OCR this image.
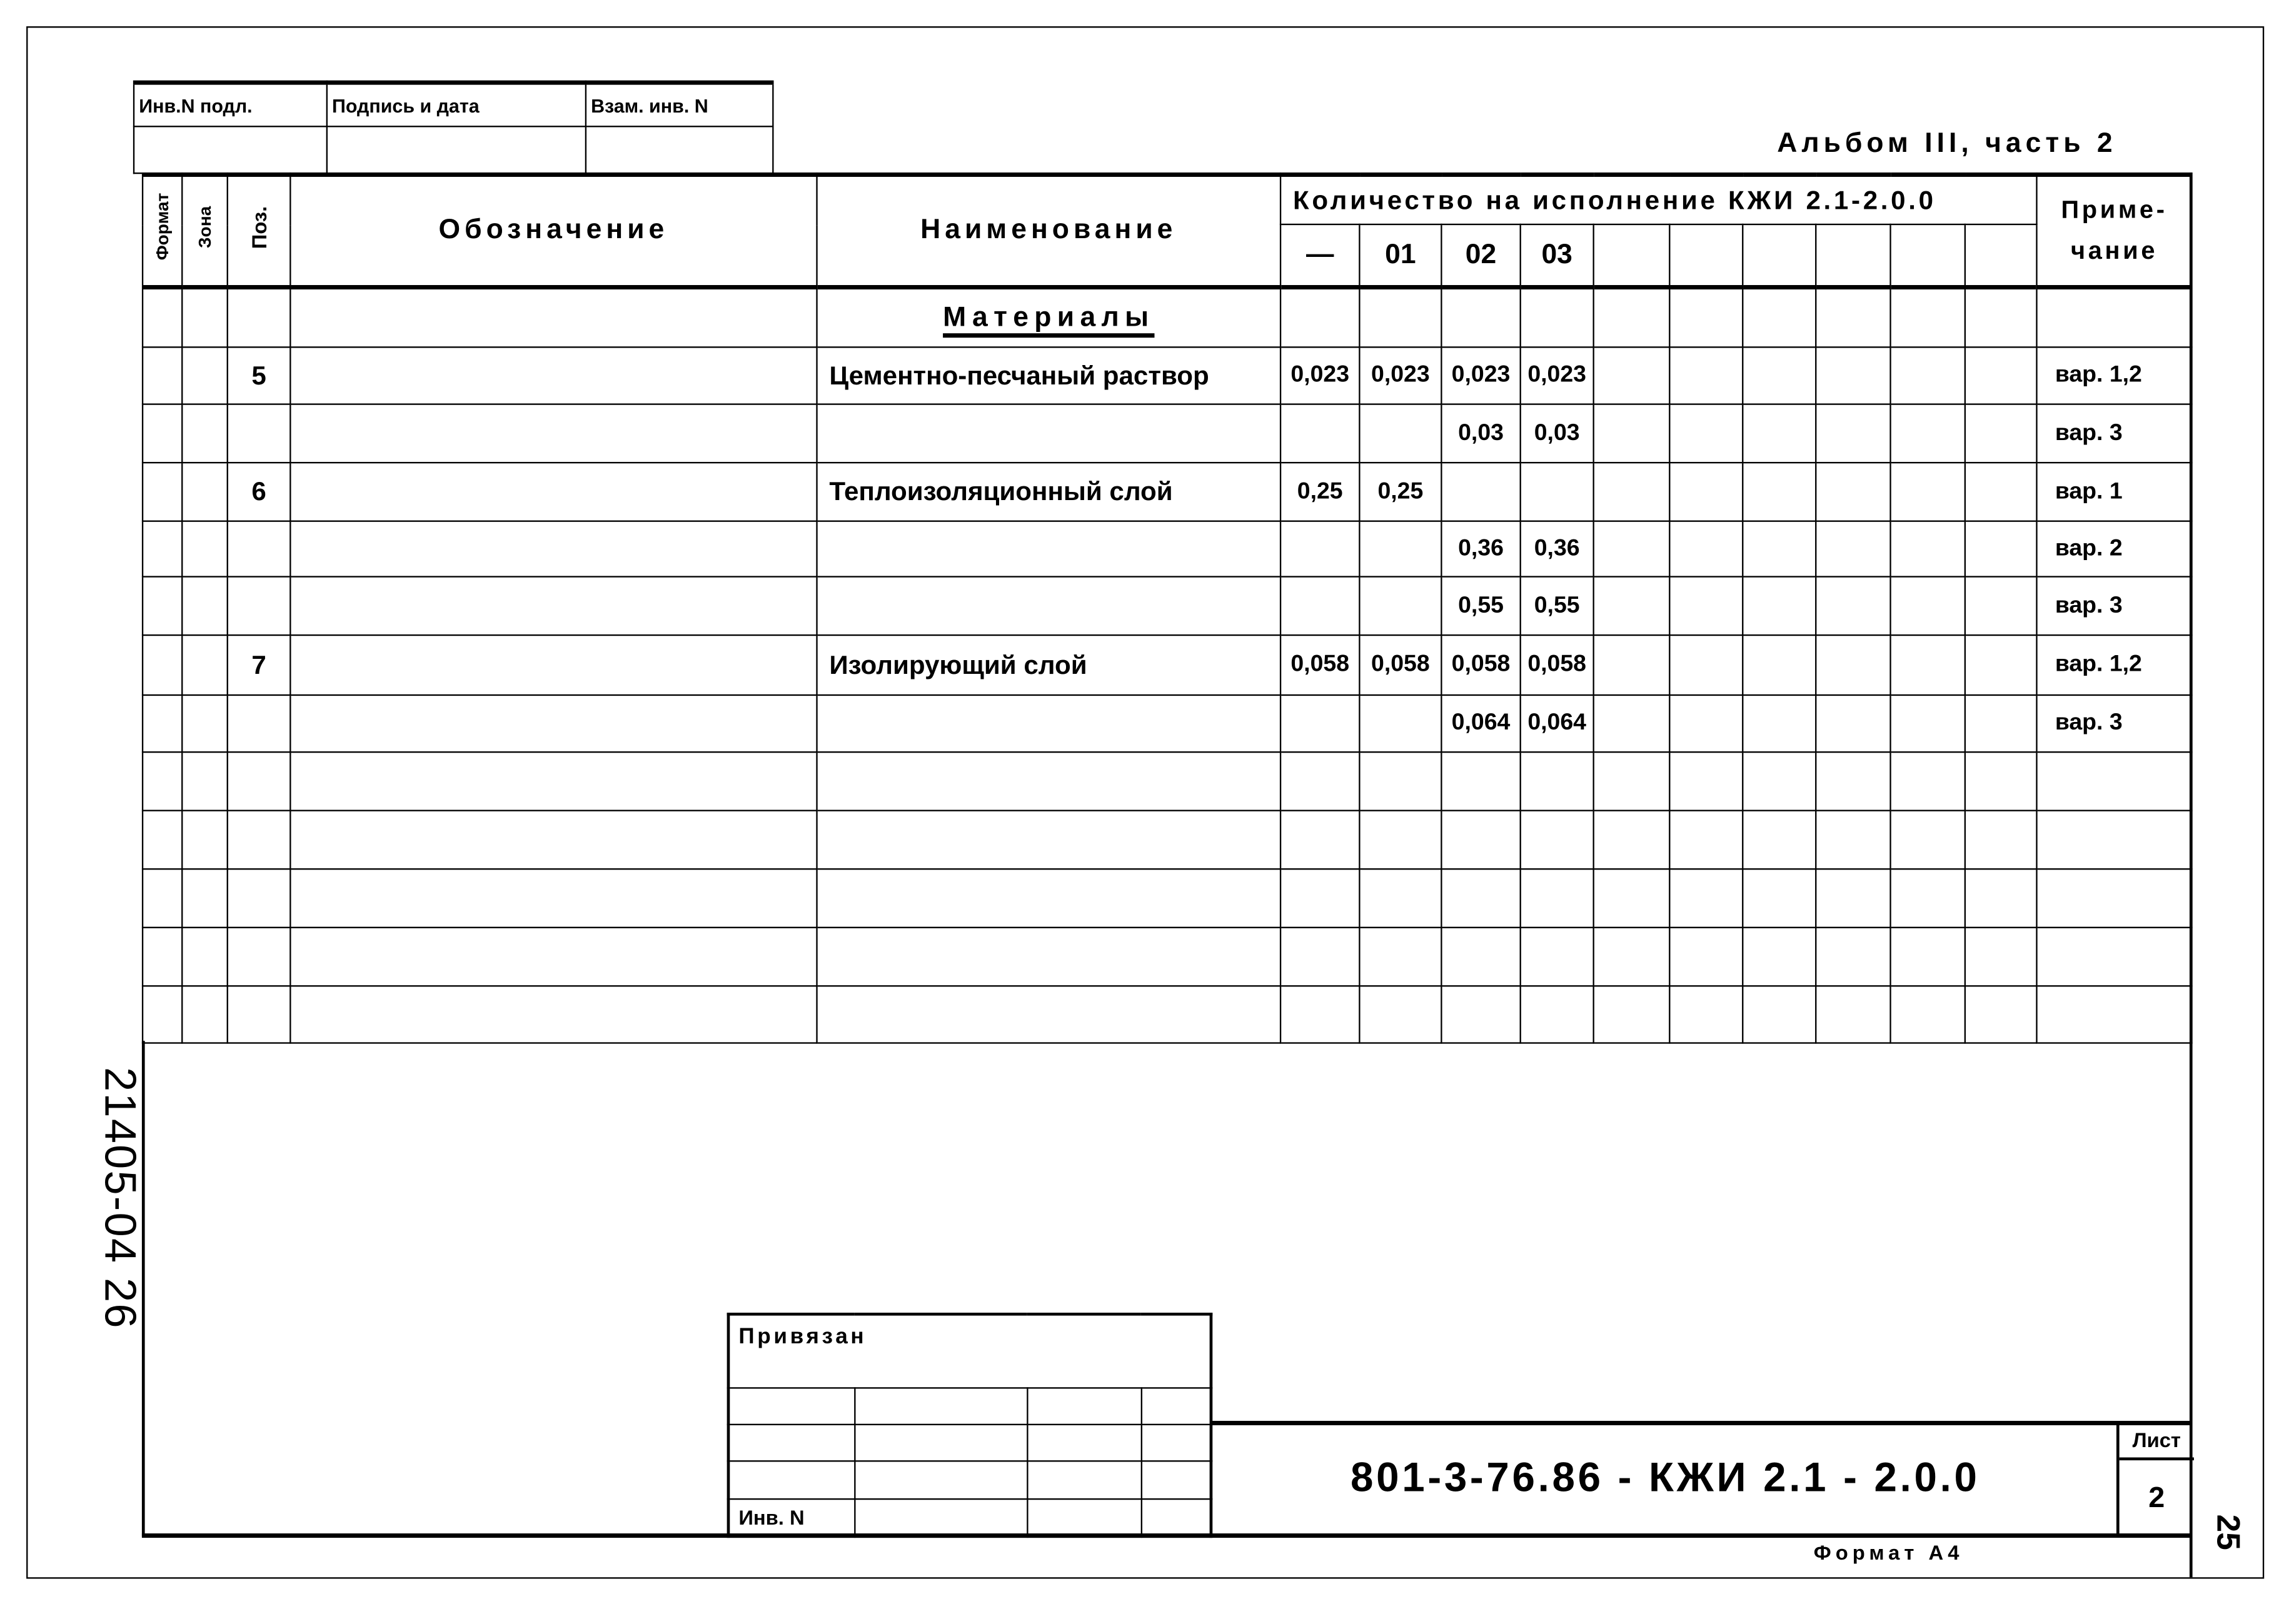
Инв.N подл.	Подпись и дата	Взам. инв. N

Альбом III, часть 2
Формат	Зона	Поз.	Обозначение	Наименование	Количество на исполнение КЖИ 2.1-2.0.0										Приме-
чание
					—	01	02	03							
				Материалы											
		5		Цементно-песчаный раствор	0,023	0,023	0,023	0,023							вар. 1,2
							0,03	0,03							вар. 3
		6		Теплоизоляционный слой	0,25	0,25									вар. 1
							0,36	0,36							вар. 2
							0,55	0,55							вар. 3
		7		Изолирующий слой	0,058	0,058	0,058	0,058							вар. 1,2
							0,064	0,064							вар. 3

Привязан			

Инв. N			
801-3-76.86 - КЖИ 2.1 - 2.0.0
Лист
2
Формат А4
25
21405-04 26
